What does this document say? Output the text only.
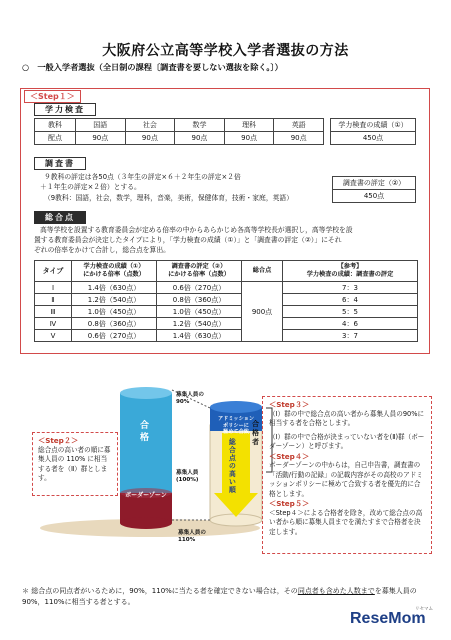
大阪府公立高等学校入学者選抜の方法
○　一般入学者選抜（全日制の課程〔調査書を要しない選抜を除く。〕）
＜Step１＞
学力検査
教科	国語	社会	数学	理科	英語
配点	90点	90点	90点	90点	90点
学力検査の成績（①）
450点
調査書
９教科の評定は各50点（３年生の評定×６＋２年生の評定×２倍
＋１年生の評定×２倍）とする。
（9教科：国語，社会，数学，理科，音楽，美術，保健体育，技術・家庭，英語）
調査書の評定（②）
450点
総合点
高等学校を設置する教育委員会が定める倍率の中からあらかじめ各高等学校長が選択し，高等学校を設
置する教育委員会が決定したタイプにより，「学力検査の成績（①）」と「調査書の評定（②）」にそれ
ぞれの倍率をかけて合計し，総合点を算出。
タイプ	学力検査の成績（①）
にかける倍率（点数）	調査書の評定（②）
にかける倍率（点数）	総合点	【参考】
学力検査の成績：調査書の評定
Ⅰ	1.4倍（630点）	0.6倍（270点）	900点	7：3
Ⅱ	1.2倍（540点）	0.8倍（360点）		6：4
Ⅲ	1.0倍（450点）	1.0倍（450点）		5：5
Ⅳ	0.8倍（360点）	1.2倍（540点）		4：6
Ⅴ	0.6倍（270点）	1.4倍（630点）		3：7
合格
ボーダーゾーン
募集人員の
90%
募集人員
(100%)
募集人員の
110%
アドミッション
ポリシーに
極めて合致
総合点の高い順
合格者
＜Step２＞
総合点の高い者の順に募集人員の 110% に相当する者を（Ⅱ）群とします。
＜Step３＞
（Ⅰ）群の中で総合点の高い者から募集人員の90%に相当する者を合格とします。
（Ⅰ）群の中で合格が決まっていない者を(Ⅱ)群（ボーダーゾーン）と呼びます。
＜Step４＞
ボーダーゾーンの中からは，自己申告書，調査書の「活動/行動の記録」の記載内容がその高校のアドミッションポリシーに極めて合致する者を優先的に合格とします。
＜Step５＞
＜Step４＞による合格者を除き，改めて総合点の高い者から順に募集人員までを満たすまで合格者を決定します。
＊ 総合点の同点者がいるために，90%，110%に当たる者を確定できない場合は，その同点者も含めた人数までを募集人員の90%，110%に相当する者とする。
ReseMom
リセマム
